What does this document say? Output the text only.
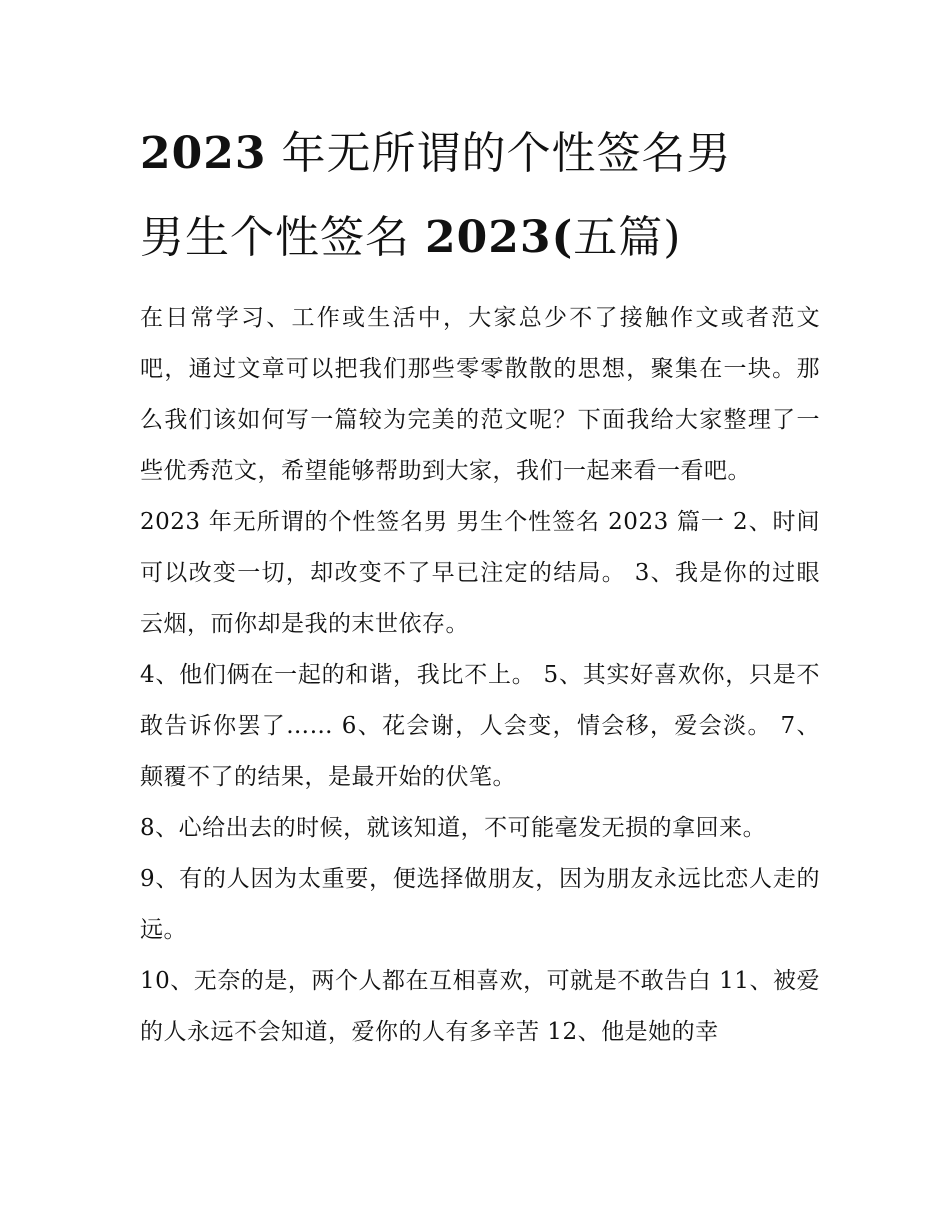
2023 年无所谓的个性签名男
男生个性签名 2023(五篇)

在日常学习、工作或生活中，大家总少不了接触作文或者范文吧，通过文章可以把我们那些零零散散的思想，聚集在一块。那么我们该如何写一篇较为完美的范文呢？下面我给大家整理了一些优秀范文，希望能够帮助到大家，我们一起来看一看吧。

2023 年无所谓的个性签名男 男生个性签名 2023 篇一 2、时间可以改变一切，却改变不了早已注定的结局。 3、我是你的过眼云烟，而你却是我的末世依存。

4、他们俩在一起的和谐，我比不上。 5、其实好喜欢你，只是不敢告诉你罢了…… 6、花会谢，人会变，情会移，爱会淡。 7、颠覆不了的结果，是最开始的伏笔。

8、心给出去的时候，就该知道，不可能毫发无损的拿回来。

9、有的人因为太重要，便选择做朋友，因为朋友永远比恋人走的远。

10、无奈的是，两个人都在互相喜欢，可就是不敢告白 11、被爱的人永远不会知道，爱你的人有多辛苦 12、他是她的幸
